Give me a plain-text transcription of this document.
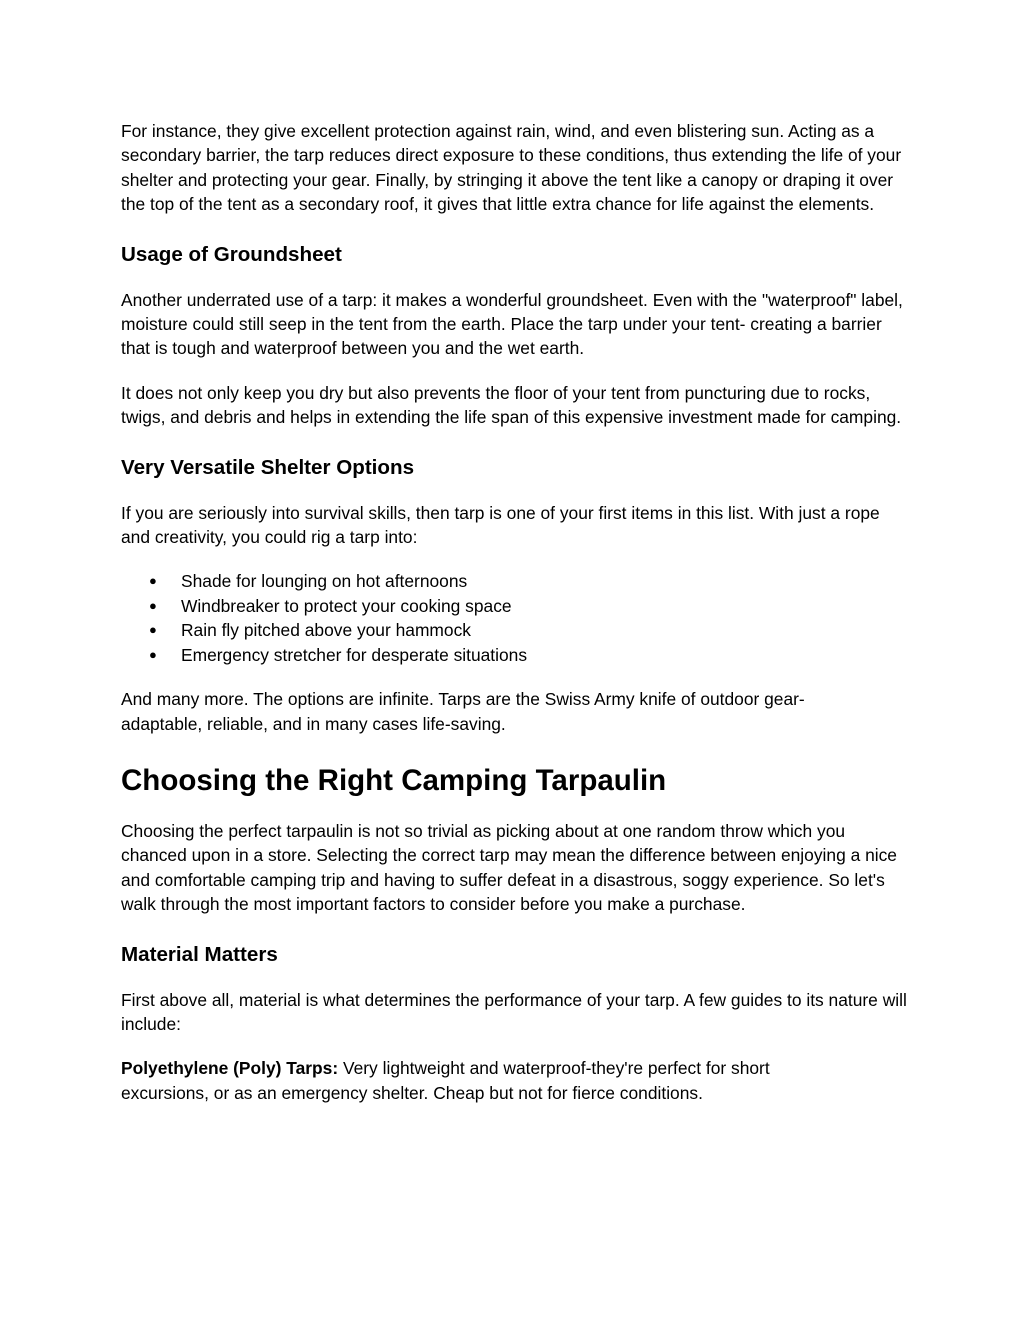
For instance, they give excellent protection against rain, wind, and even blistering sun. Acting as a secondary barrier, the tarp reduces direct exposure to these conditions, thus extending the life of your shelter and protecting your gear. Finally, by stringing it above the tent like a canopy or draping it over the top of the tent as a secondary roof, it gives that little extra chance for life against the elements.

Usage of Groundsheet

Another underrated use of a tarp: it makes a wonderful groundsheet. Even with the "waterproof" label, moisture could still seep in the tent from the earth. Place the tarp under your tent- creating a barrier that is tough and waterproof between you and the wet earth.

It does not only keep you dry but also prevents the floor of your tent from puncturing due to rocks, twigs, and debris and helps in extending the life span of this expensive investment made for camping.

Very Versatile Shelter Options

If you are seriously into survival skills, then tarp is one of your first items in this list. With just a rope and creativity, you could rig a tarp into:

● Shade for lounging on hot afternoons
● Windbreaker to protect your cooking space
● Rain fly pitched above your hammock
● Emergency stretcher for desperate situations

And many more. The options are infinite. Tarps are the Swiss Army knife of outdoor gear-adaptable, reliable, and in many cases life-saving.

Choosing the Right Camping Tarpaulin

Choosing the perfect tarpaulin is not so trivial as picking about at one random throw which you chanced upon in a store. Selecting the correct tarp may mean the difference between enjoying a nice and comfortable camping trip and having to suffer defeat in a disastrous, soggy experience. So let's walk through the most important factors to consider before you make a purchase.

Material Matters

First above all, material is what determines the performance of your tarp. A few guides to its nature will include:

Polyethylene (Poly) Tarps: Very lightweight and waterproof-they're perfect for short excursions, or as an emergency shelter. Cheap but not for fierce conditions.
